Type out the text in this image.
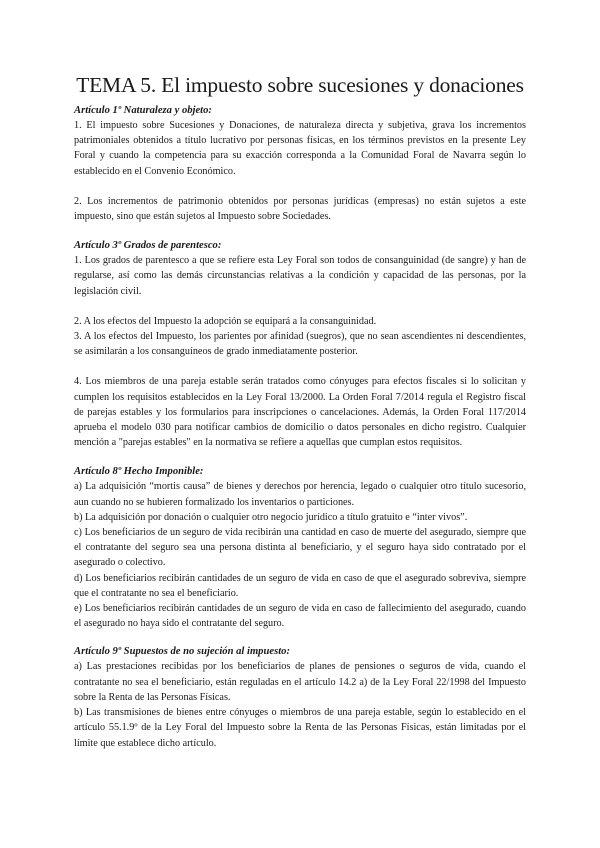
TEMA 5. El impuesto sobre sucesiones y donaciones
Artículo 1º Naturaleza y objeto:

1. El impuesto sobre Sucesiones y Donaciones, de naturaleza directa y subjetiva, grava los incrementos patrimoniales obtenidos a título lucrativo por personas físicas, en los términos previstos en la presente Ley Foral y cuando la competencia para su exacción corresponda a la Comunidad Foral de Navarra según lo establecido en el Convenio Económico.

2. Los incrementos de patrimonio obtenidos por personas jurídicas (empresas) no están sujetos a este impuesto, sino que están sujetos al Impuesto sobre Sociedades.

Artículo 3º Grados de parentesco:

1. Los grados de parentesco a que se refiere esta Ley Foral son todos de consanguinidad (de sangre) y han de regularse, así como las demás circunstancias relativas a la condición y capacidad de las personas, por la legislación civil.

2. A los efectos del Impuesto la adopción se equipará a la consanguinidad.

3. A los efectos del Impuesto, los parientes por afinidad (suegros), que no sean ascendientes ni descendientes, se asimilarán a los consanguíneos de grado inmediatamente posterior.

4. Los miembros de una pareja estable serán tratados como cónyuges para efectos fiscales si lo solicitan y cumplen los requisitos establecidos en la Ley Foral 13/2000. La Orden Foral 7/2014 regula el Registro fiscal de parejas estables y los formularios para inscripciones o cancelaciones. Además, la Orden Foral 117/2014 aprueba el modelo 030 para notificar cambios de domicilio o datos personales en dicho registro. Cualquier mención a "parejas estables" en la normativa se refiere a aquellas que cumplan estos requisitos.

Artículo 8º Hecho Imponible:

a) La adquisición “mortis causa” de bienes y derechos por herencia, legado o cualquier otro título sucesorio, aun cuando no se hubieren formalizado los inventarios o particiones.

b) La adquisición por donación o cualquier otro negocio jurídico a título gratuito e “inter vivos”.

c) Los beneficiarios de un seguro de vida recibirán una cantidad en caso de muerte del asegurado, siempre que el contratante del seguro sea una persona distinta al beneficiario, y el seguro haya sido contratado por el asegurado o colectivo.

d) Los beneficiarios recibirán cantidades de un seguro de vida en caso de que el asegurado sobreviva, siempre que el contratante no sea el beneficiario.

e) Los beneficiarios recibirán cantidades de un seguro de vida en caso de fallecimiento del asegurado, cuando el asegurado no haya sido el contratante del seguro.

Artículo 9º Supuestos de no sujeción al impuesto:

a) Las prestaciones recibidas por los beneficiarios de planes de pensiones o seguros de vida, cuando el contratante no sea el beneficiario, están reguladas en el artículo 14.2 a) de la Ley Foral 22/1998 del Impuesto sobre la Renta de las Personas Físicas.

b) Las transmisiones de bienes entre cónyuges o miembros de una pareja estable, según lo establecido en el artículo 55.1.9º de la Ley Foral del Impuesto sobre la Renta de las Personas Físicas, están limitadas por el límite que establece dicho artículo.
